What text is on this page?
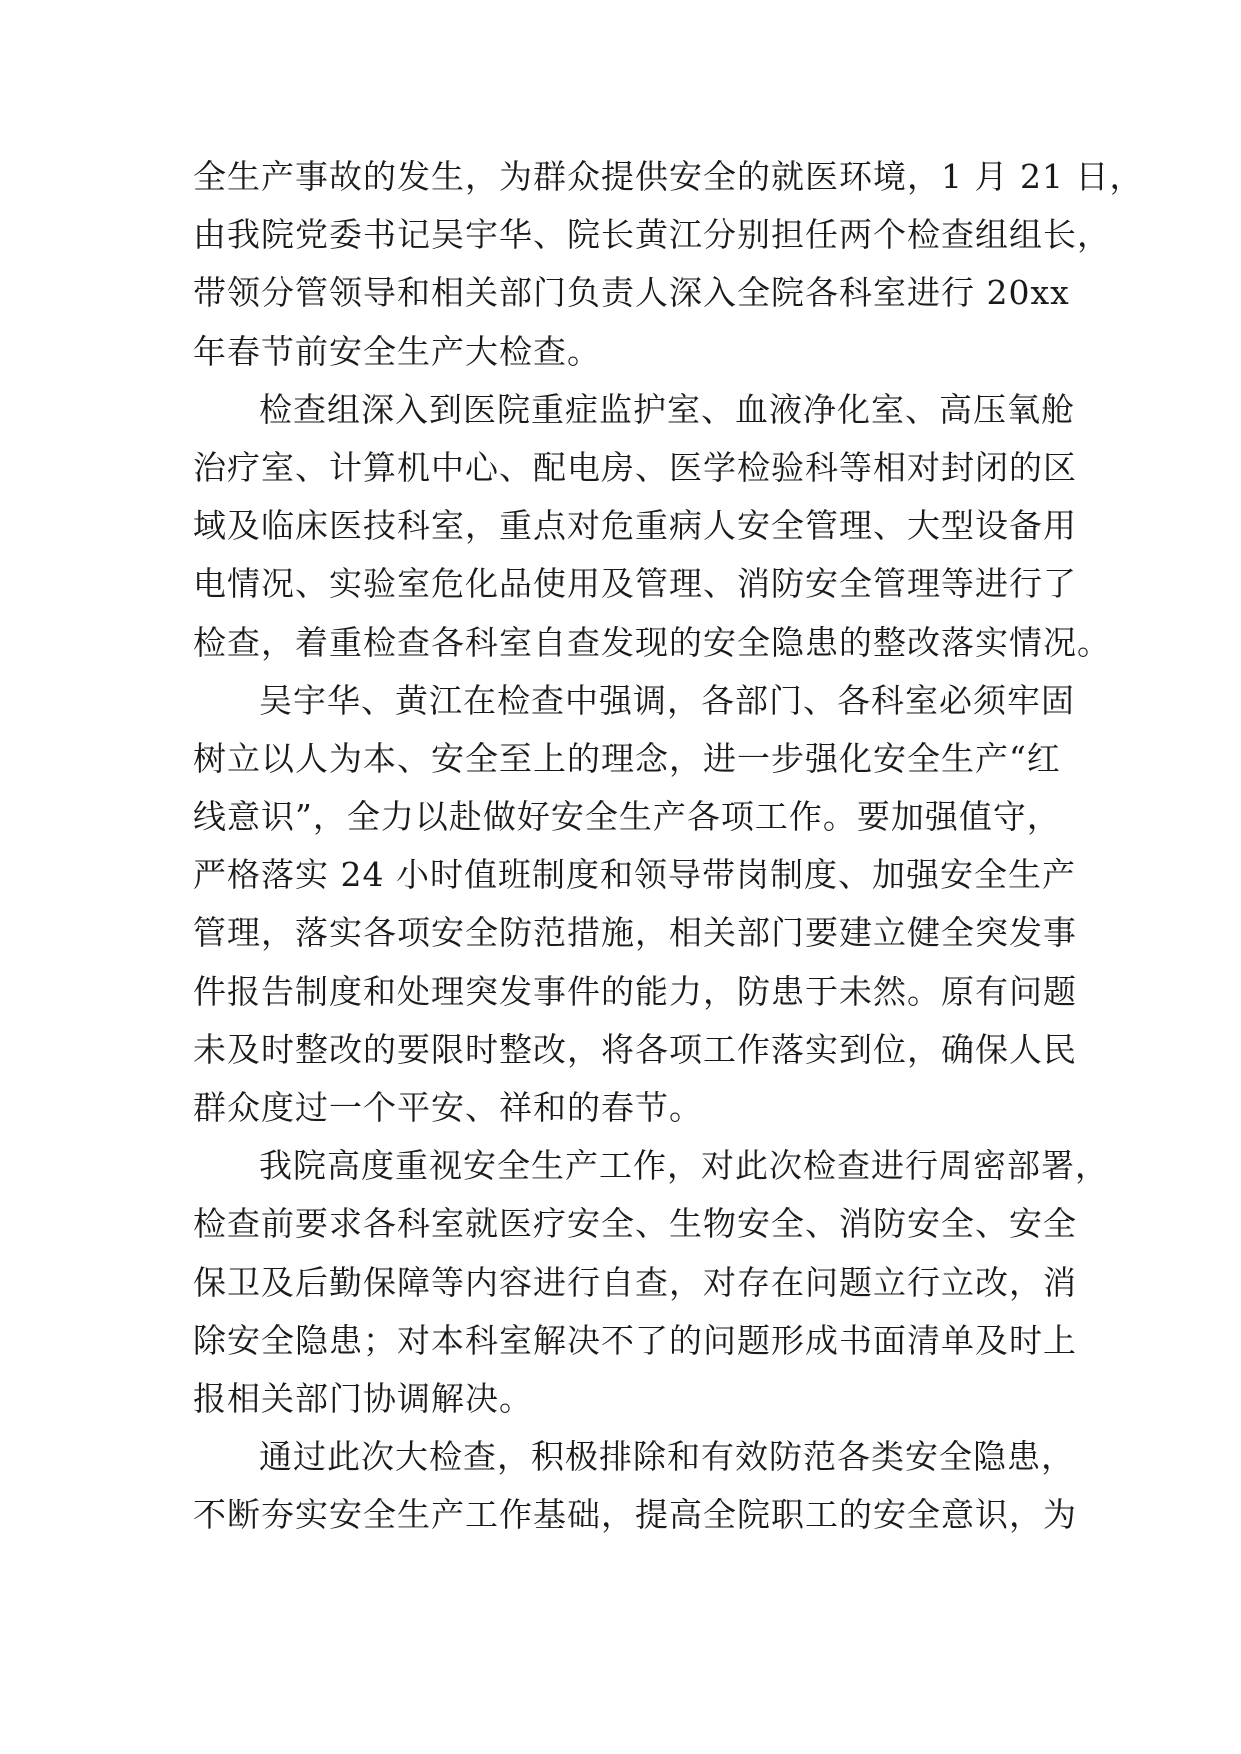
全生产事故的发生，为群众提供安全的就医环境，1 月 21 日，
由我院党委书记吴宇华、院长黄江分别担任两个检查组组长，
带领分管领导和相关部门负责人深入全院各科室进行 20xx
年春节前安全生产大检查。
检查组深入到医院重症监护室、血液净化室、高压氧舱
治疗室、计算机中心、配电房、医学检验科等相对封闭的区
域及临床医技科室，重点对危重病人安全管理、大型设备用
电情况、实验室危化品使用及管理、消防安全管理等进行了
检查，着重检查各科室自查发现的安全隐患的整改落实情况。
吴宇华、黄江在检查中强调，各部门、各科室必须牢固
树立以人为本、安全至上的理念，进一步强化安全生产“红
线意识”，全力以赴做好安全生产各项工作。要加强值守，
严格落实 24 小时值班制度和领导带岗制度、加强安全生产
管理，落实各项安全防范措施，相关部门要建立健全突发事
件报告制度和处理突发事件的能力，防患于未然。原有问题
未及时整改的要限时整改，将各项工作落实到位，确保人民
群众度过一个平安、祥和的春节。
我院高度重视安全生产工作，对此次检查进行周密部署，
检查前要求各科室就医疗安全、生物安全、消防安全、安全
保卫及后勤保障等内容进行自查，对存在问题立行立改，消
除安全隐患；对本科室解决不了的问题形成书面清单及时上
报相关部门协调解决。
通过此次大检查，积极排除和有效防范各类安全隐患，
不断夯实安全生产工作基础，提高全院职工的安全意识，为
